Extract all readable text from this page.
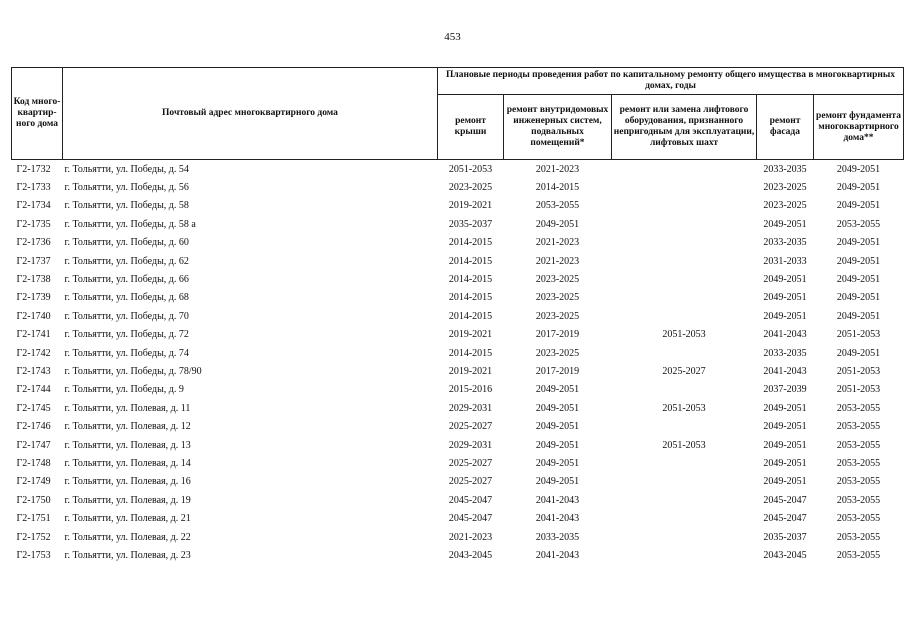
453
Код много-квартир-ного дома	Почтовый адрес многоквартирного дома	Плановые периоды проведения работ по капитальному ремонту общего имущества в многоквартирных домах, годы				
		ремонт крыши	ремонт внутридомовых инженерных систем, подвальных помещений*	ремонт или замена лифтового оборудования, признанного непригодным для эксплуатации, лифтовых шахт	ремонт фасада	ремонт фундамента многоквартирного дома**
Г2-1732	г. Тольятти, ул. Победы, д. 54	2051-2053	2021-2023		2033-2035	2049-2051
Г2-1733	г. Тольятти, ул. Победы, д. 56	2023-2025	2014-2015		2023-2025	2049-2051
Г2-1734	г. Тольятти, ул. Победы, д. 58	2019-2021	2053-2055		2023-2025	2049-2051
Г2-1735	г. Тольятти, ул. Победы, д. 58 а	2035-2037	2049-2051		2049-2051	2053-2055
Г2-1736	г. Тольятти, ул. Победы, д. 60	2014-2015	2021-2023		2033-2035	2049-2051
Г2-1737	г. Тольятти, ул. Победы, д. 62	2014-2015	2021-2023		2031-2033	2049-2051
Г2-1738	г. Тольятти, ул. Победы, д. 66	2014-2015	2023-2025		2049-2051	2049-2051
Г2-1739	г. Тольятти, ул. Победы, д. 68	2014-2015	2023-2025		2049-2051	2049-2051
Г2-1740	г. Тольятти, ул. Победы, д. 70	2014-2015	2023-2025		2049-2051	2049-2051
Г2-1741	г. Тольятти, ул. Победы, д. 72	2019-2021	2017-2019	2051-2053	2041-2043	2051-2053
Г2-1742	г. Тольятти, ул. Победы, д. 74	2014-2015	2023-2025		2033-2035	2049-2051
Г2-1743	г. Тольятти, ул. Победы, д. 78/90	2019-2021	2017-2019	2025-2027	2041-2043	2051-2053
Г2-1744	г. Тольятти, ул. Победы, д. 9	2015-2016	2049-2051		2037-2039	2051-2053
Г2-1745	г. Тольятти, ул. Полевая, д. 11	2029-2031	2049-2051	2051-2053	2049-2051	2053-2055
Г2-1746	г. Тольятти, ул. Полевая, д. 12	2025-2027	2049-2051		2049-2051	2053-2055
Г2-1747	г. Тольятти, ул. Полевая, д. 13	2029-2031	2049-2051	2051-2053	2049-2051	2053-2055
Г2-1748	г. Тольятти, ул. Полевая, д. 14	2025-2027	2049-2051		2049-2051	2053-2055
Г2-1749	г. Тольятти, ул. Полевая, д. 16	2025-2027	2049-2051		2049-2051	2053-2055
Г2-1750	г. Тольятти, ул. Полевая, д. 19	2045-2047	2041-2043		2045-2047	2053-2055
Г2-1751	г. Тольятти, ул. Полевая, д. 21	2045-2047	2041-2043		2045-2047	2053-2055
Г2-1752	г. Тольятти, ул. Полевая, д. 22	2021-2023	2033-2035		2035-2037	2053-2055
Г2-1753	г. Тольятти, ул. Полевая, д. 23	2043-2045	2041-2043		2043-2045	2053-2055
